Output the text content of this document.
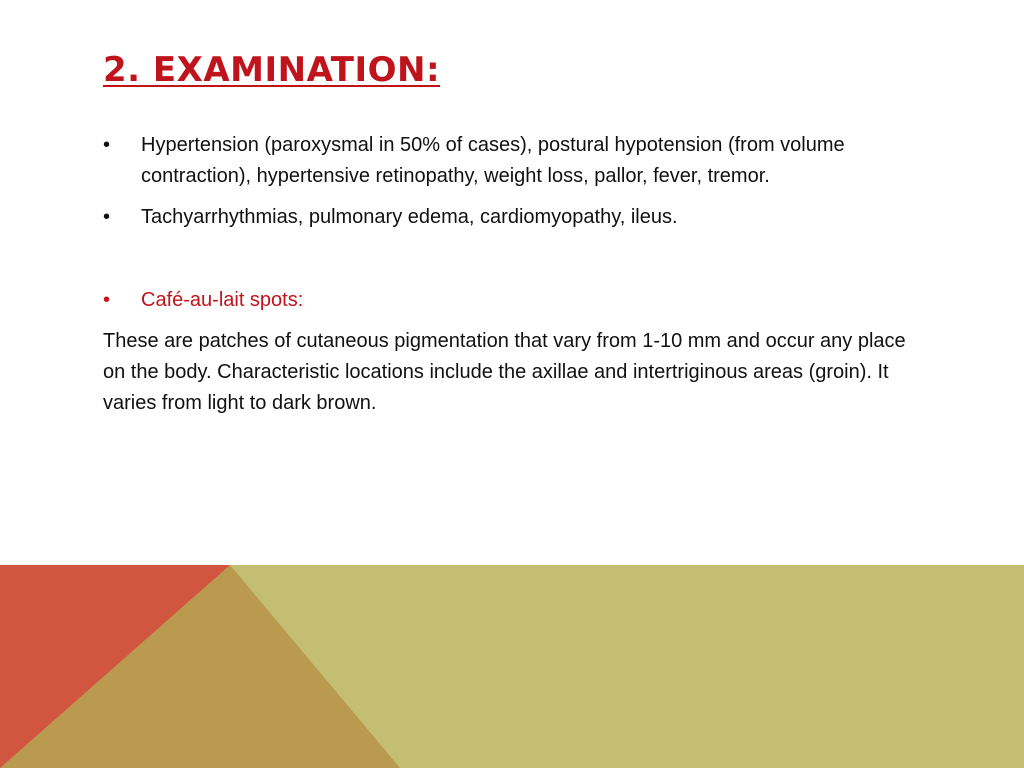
2. EXAMINATION:
• Hypertension (paroxysmal in 50% of cases), postural hypotension (from volume contraction), hypertensive retinopathy, weight loss, pallor, fever, tremor.
• Tachyarrhythmias, pulmonary edema, cardiomyopathy, ileus.
• Café-au-lait spots:

These are patches of cutaneous pigmentation that vary from 1-10 mm and occur any place on the body. Characteristic locations include the axillae and intertriginous areas (groin). It varies from light to dark brown.
